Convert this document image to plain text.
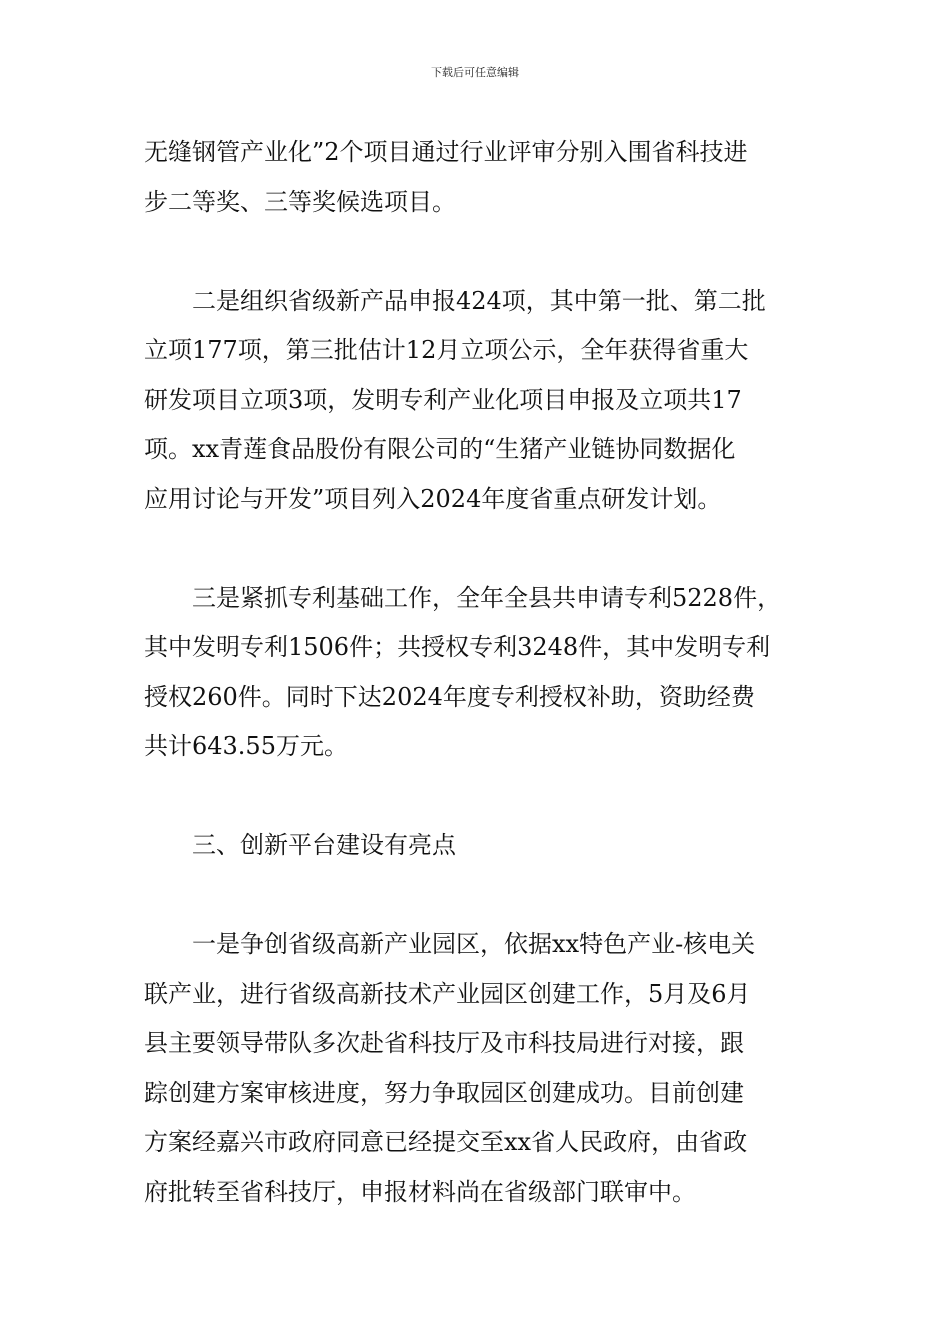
下载后可任意编辑

无缝钢管产业化”2个项目通过行业评审分别入围省科技进
步二等奖、三等奖候选项目。

二是组织省级新产品申报424项，其中第一批、第二批
立项177项，第三批估计12月立项公示，全年获得省重大
研发项目立项3项，发明专利产业化项目申报及立项共17
项。xx青莲食品股份有限公司的“生猪产业链协同数据化
应用讨论与开发”项目列入2024年度省重点研发计划。

三是紧抓专利基础工作，全年全县共申请专利5228件，
其中发明专利1506件；共授权专利3248件，其中发明专利
授权260件。同时下达2024年度专利授权补助，资助经费
共计643.55万元。

三、创新平台建设有亮点

一是争创省级高新产业园区，依据xx特色产业-核电关
联产业，进行省级高新技术产业园区创建工作，5月及6月
县主要领导带队多次赴省科技厅及市科技局进行对接，跟
踪创建方案审核进度，努力争取园区创建成功。目前创建
方案经嘉兴市政府同意已经提交至xx省人民政府，由省政
府批转至省科技厅，申报材料尚在省级部门联审中。
